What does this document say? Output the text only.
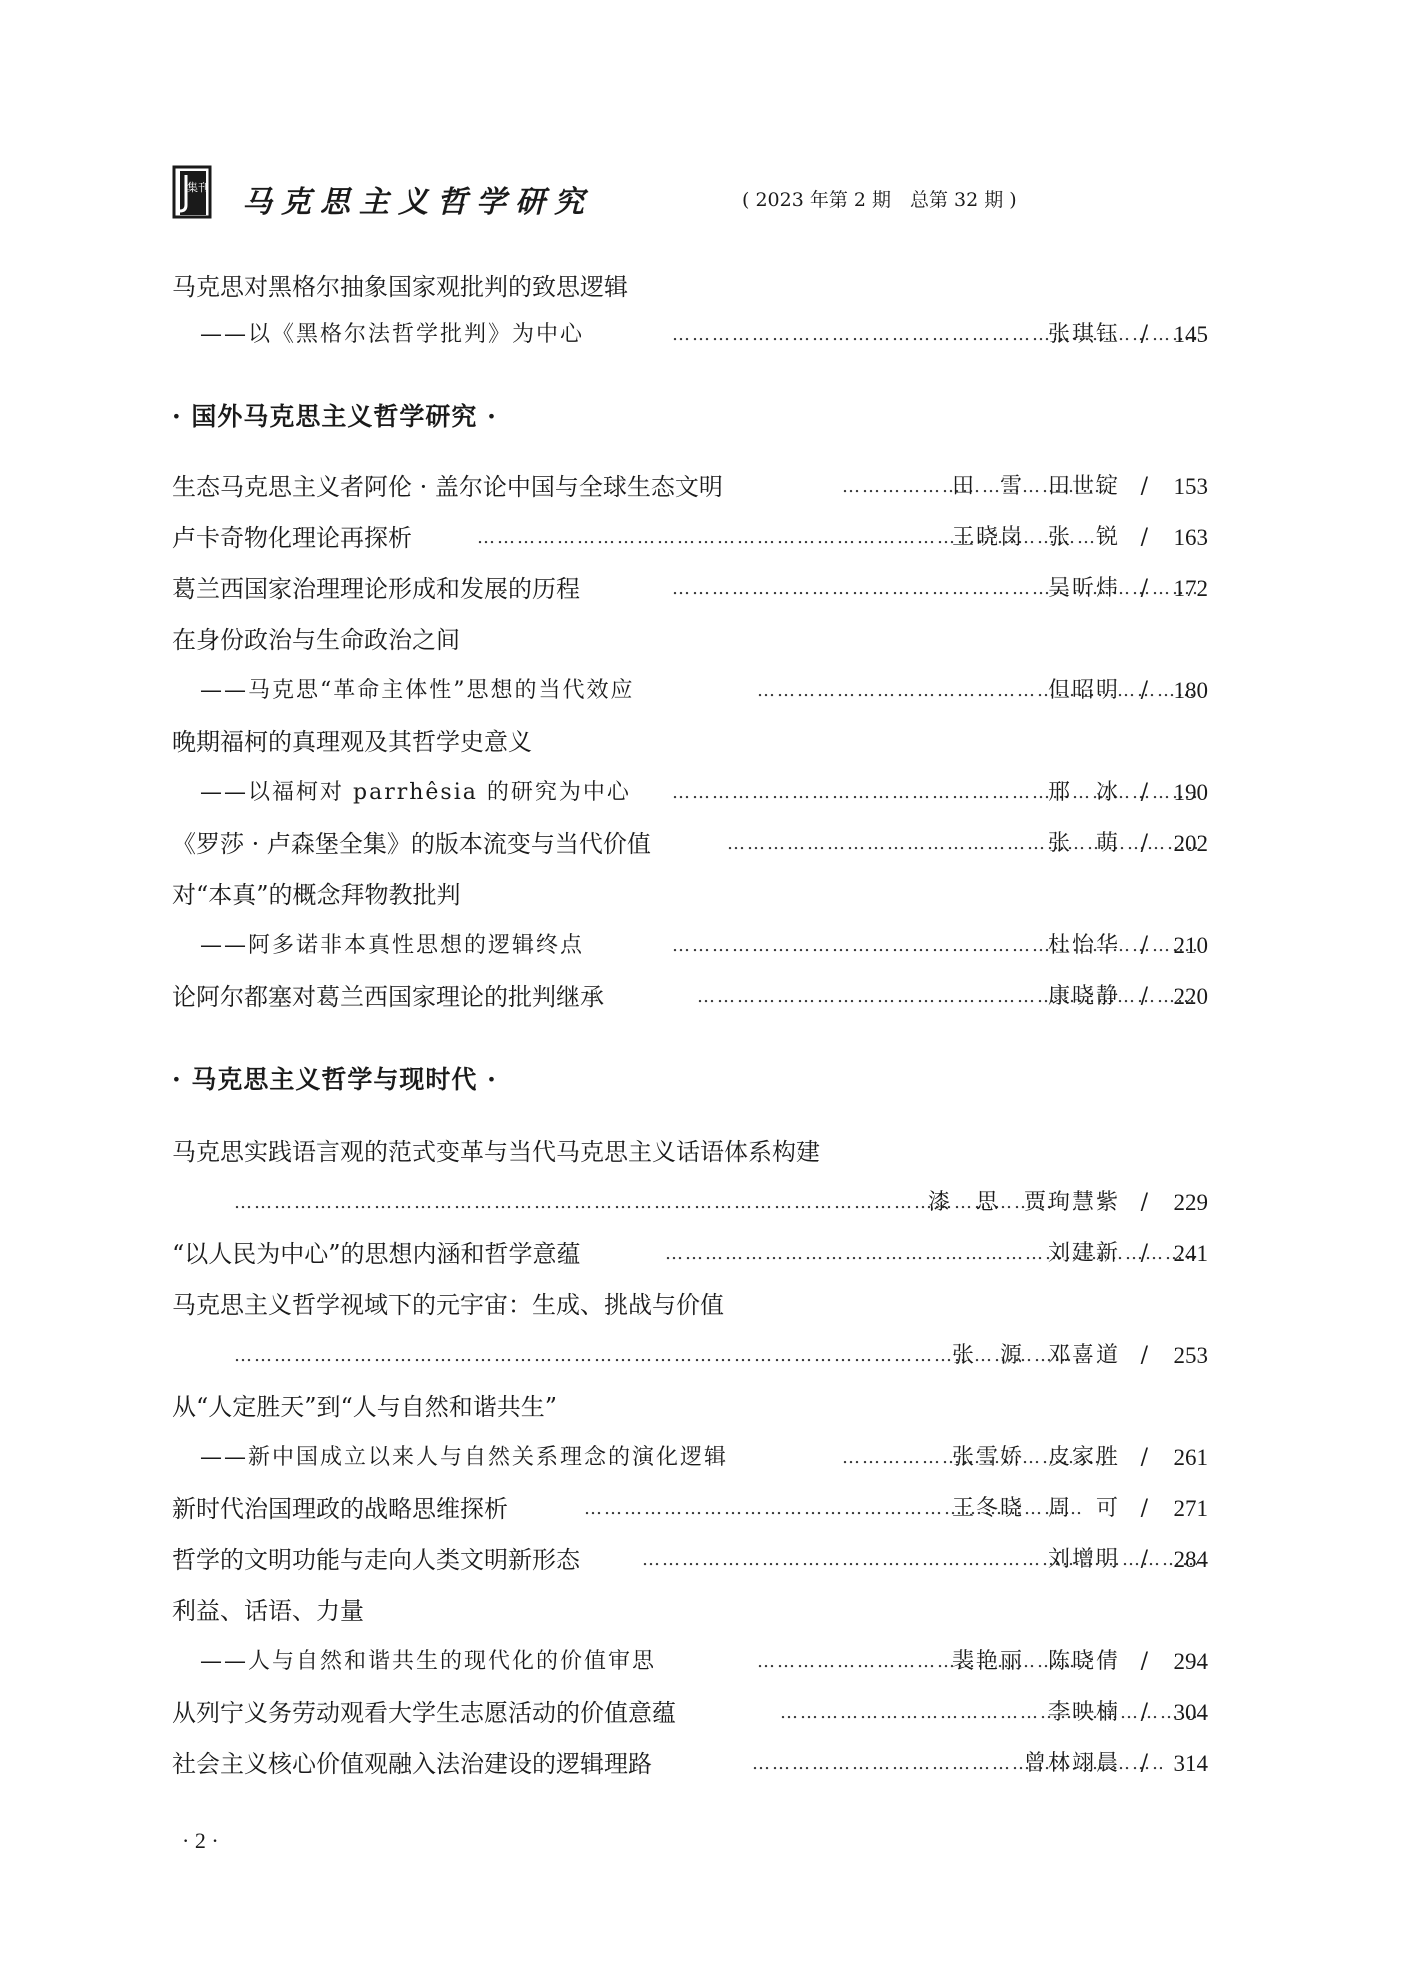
集刊 马克思主义哲学研究	( 2023 年第 2 期　总第 32 期 )
马克思对黑格尔抽象国家观批判的致思逻辑
——以《黑格尔法哲学批判》为中心 ……………………………………………………………………………………………………………………………………………………	张琪钰 /	145
· 国外马克思主义哲学研究 ·
生态马克思主义者阿伦 · 盖尔论中国与全球生态文明 ……………………………………………………………………………………………………………………………………………………	田　雪　田世锭 /	153
卢卡奇物化理论再探析 ……………………………………………………………………………………………………………………………………………………	王晓岗　张　锐 /	163
葛兰西国家治理理论形成和发展的历程 ……………………………………………………………………………………………………………………………………………………	吴昕炜 /	172
在身份政治与生命政治之间
——马克思“革命主体性”思想的当代效应 ……………………………………………………………………………………………………………………………………………………	但昭明 /	180
晚期福柯的真理观及其哲学史意义
——以福柯对 parrhêsia 的研究为中心 ……………………………………………………………………………………………………………………………………………………	邢　冰 /	190
《罗莎 · 卢森堡全集》的版本流变与当代价值 ……………………………………………………………………………………………………………………………………………………	张　萌 /	202
对“本真”的概念拜物教批判
——阿多诺非本真性思想的逻辑终点 ……………………………………………………………………………………………………………………………………………………	杜怡华 /	210
论阿尔都塞对葛兰西国家理论的批判继承 ……………………………………………………………………………………………………………………………………………………	康晓静 /	220
· 马克思主义哲学与现时代 ·
马克思实践语言观的范式变革与当代马克思主义话语体系构建
……………………………………………………………………………………………………………………………………………………
漆　思　贾珣慧紫 /	229
“以人民为中心”的思想内涵和哲学意蕴 ……………………………………………………………………………………………………………………………………………………	刘建新 /	241
马克思主义哲学视域下的元宇宙：生成、挑战与价值
……………………………………………………………………………………………………………………………………………………
张　源　邓喜道 /	253
从“人定胜天”到“人与自然和谐共生”
——新中国成立以来人与自然关系理念的演化逻辑 ……………………………………………………………………………………………………………………………………………………	张雪娇　皮家胜 /	261
新时代治国理政的战略思维探析 ……………………………………………………………………………………………………………………………………………………	王冬晓　周　可 /	271
哲学的文明功能与走向人类文明新形态 ……………………………………………………………………………………………………………………………………………………	刘增明 /	284
利益、话语、力量
——人与自然和谐共生的现代化的价值审思 ……………………………………………………………………………………………………………………………………………………	裴艳丽　陈晓倩 /	294
从列宁义务劳动观看大学生志愿活动的价值意蕴 ……………………………………………………………………………………………………………………………………………………	李映楠 /	304
社会主义核心价值观融入法治建设的逻辑理路 ……………………………………………………………………………………………………………………………………………………	曾林翊晨 /	314
· 2 ·
